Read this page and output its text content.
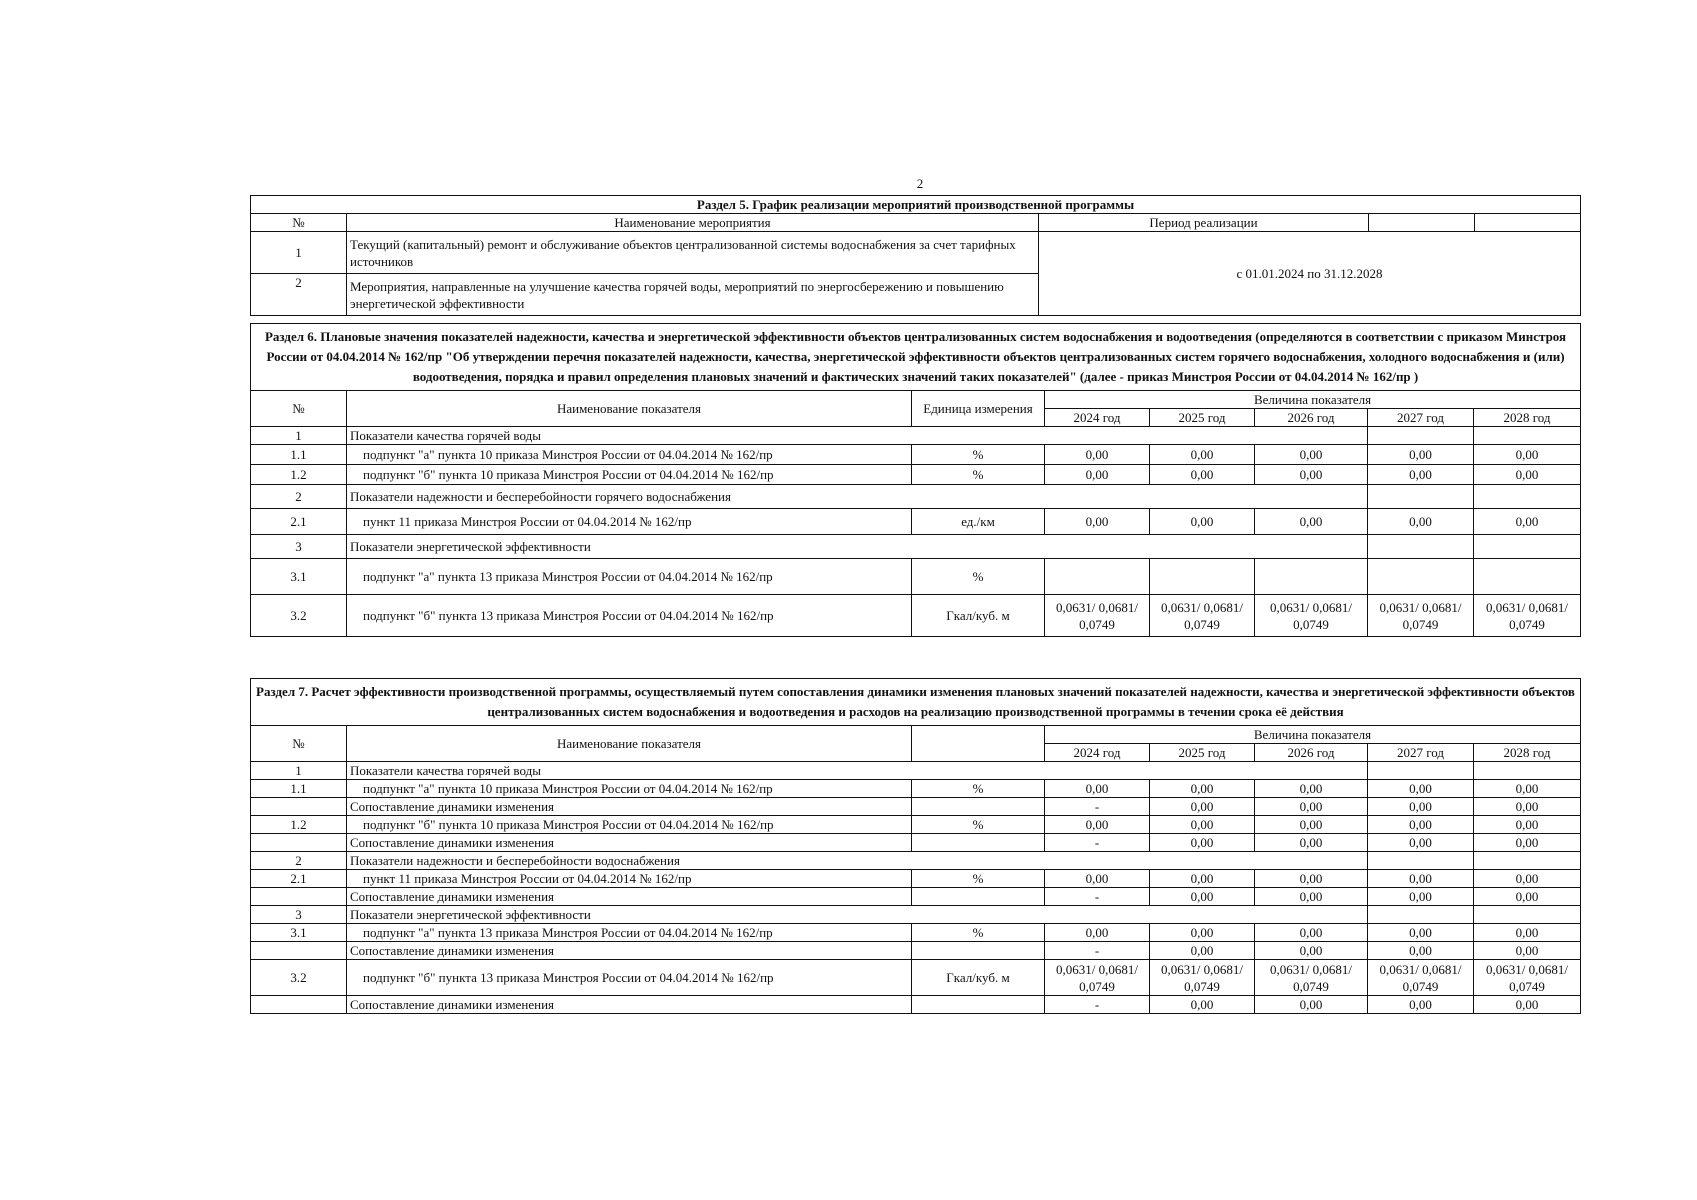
2
Раздел 5. График реализации мероприятий производственной программы				
№	Наименование мероприятия	Период реализации		
1	Текущий (капитальный) ремонт и обслуживание объектов централизованной системы водоснабжения за счет тарифных источников	с 01.01.2024 по 31.12.2028		
2	Мероприятия, направленные на улучшение качества горячей воды, мероприятий по энергосбережению и повышению энергетической эффективности			
Раздел 6. Плановые значения показателей надежности, качества и энергетической эффективности объектов централизованных систем водоснабжения и водоотведения (определяются в соответствии с приказом Минстроя России от 04.04.2014 № 162/пр "Об утверждении перечня показателей надежности, качества, энергетической эффективности объектов централизованных систем горячего водоснабжения, холодного водоснабжения и (или) водоотведения, порядка и правил определения плановых значений и фактических значений таких показателей" (далее - приказ Минстроя России от 04.04.2014 № 162/пр )							
№	Наименование показателя	Единица измерения	Величина показателя				
			2024 год	2025 год	2026 год	2027 год	2028 год
1	Показатели качества горячей воды						
1.1	подпункт "а" пункта 10 приказа Минстроя России от 04.04.2014 № 162/пр	%	0,00	0,00	0,00	0,00	0,00
1.2	подпункт "б" пункта 10 приказа Минстроя России от 04.04.2014 № 162/пр	%	0,00	0,00	0,00	0,00	0,00
2	Показатели надежности и бесперебойности горячего водоснабжения						
2.1	пункт 11 приказа Минстроя России от 04.04.2014 № 162/пр	ед./км	0,00	0,00	0,00	0,00	0,00
3	Показатели энергетической эффективности						
3.1	подпункт "а" пункта 13 приказа Минстроя России от 04.04.2014 № 162/пр	%					
3.2	подпункт "б" пункта 13 приказа Минстроя России от 04.04.2014 № 162/пр	Гкал/куб. м	0,0631/ 0,0681/ 0,0749	0,0631/ 0,0681/ 0,0749	0,0631/ 0,0681/ 0,0749	0,0631/ 0,0681/ 0,0749	0,0631/ 0,0681/ 0,0749
Раздел 7. Расчет эффективности производственной программы, осуществляемый путем сопоставления динамики изменения плановых значений показателей надежности, качества и энергетической эффективности объектов централизованных систем водоснабжения и водоотведения и расходов на реализацию производственной программы в течении срока её действия							
№	Наименование показателя		Величина показателя				
			2024 год	2025 год	2026 год	2027 год	2028 год
1	Показатели качества горячей воды						
1.1	подпункт "а" пункта 10 приказа Минстроя России от 04.04.2014 № 162/пр	%	0,00	0,00	0,00	0,00	0,00
	Сопоставление динамики изменения		-	0,00	0,00	0,00	0,00
1.2	подпункт "б" пункта 10 приказа Минстроя России от 04.04.2014 № 162/пр	%	0,00	0,00	0,00	0,00	0,00
	Сопоставление динамики изменения		-	0,00	0,00	0,00	0,00
2	Показатели надежности и бесперебойности водоснабжения						
2.1	пункт 11 приказа Минстроя России от 04.04.2014 № 162/пр	%	0,00	0,00	0,00	0,00	0,00
	Сопоставление динамики изменения		-	0,00	0,00	0,00	0,00
3	Показатели энергетической эффективности						
3.1	подпункт "а" пункта 13 приказа Минстроя России от 04.04.2014 № 162/пр	%	0,00	0,00	0,00	0,00	0,00
	Сопоставление динамики изменения		-	0,00	0,00	0,00	0,00
3.2	подпункт "б" пункта 13 приказа Минстроя России от 04.04.2014 № 162/пр	Гкал/куб. м	0,0631/ 0,0681/ 0,0749	0,0631/ 0,0681/ 0,0749	0,0631/ 0,0681/ 0,0749	0,0631/ 0,0681/ 0,0749	0,0631/ 0,0681/ 0,0749
	Сопоставление динамики изменения		-	0,00	0,00	0,00	0,00
